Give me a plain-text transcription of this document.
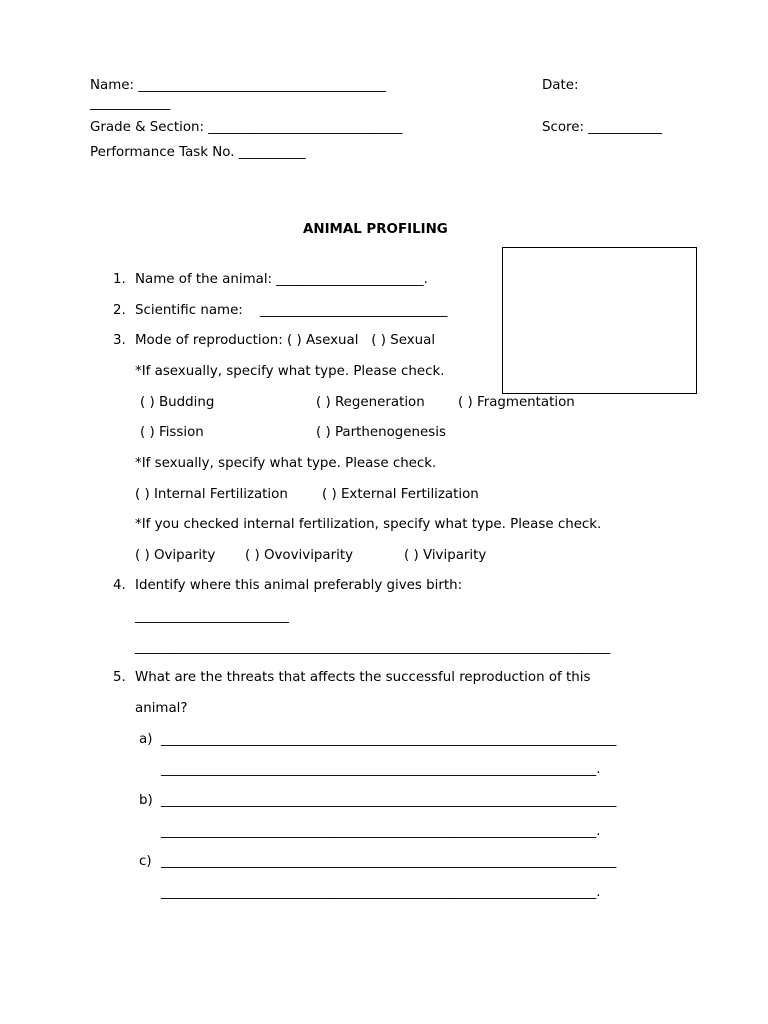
Name: _____________________________________	Date:
____________
Grade & Section: _____________________________	Score: ___________
Performance Task No. __________
ANIMAL PROFILING
1. Name of the animal: ______________________.
2. Scientific name:    ____________________________
3. Mode of reproduction: ( ) Asexual   ( ) Sexual
*If asexually, specify what type. Please check.
( ) Budding	( ) Regeneration ( ) Fragmentation
( ) Fission	( ) Parthenogenesis
*If sexually, specify what type. Please check.
( ) Internal Fertilization	( ) External Fertilization
*If you checked internal fertilization, specify what type. Please check.
( ) Oviparity ( ) Ovoviviparity	( ) Viviparity
4. Identify where this animal preferably gives birth:
_______________________
_______________________________________________________________________
5. What are the threats that affects the successful reproduction of this
animal?
a) ____________________________________________________________________
_________________________________________________________________.
b) ____________________________________________________________________
_________________________________________________________________.
c) ____________________________________________________________________
_________________________________________________________________.
